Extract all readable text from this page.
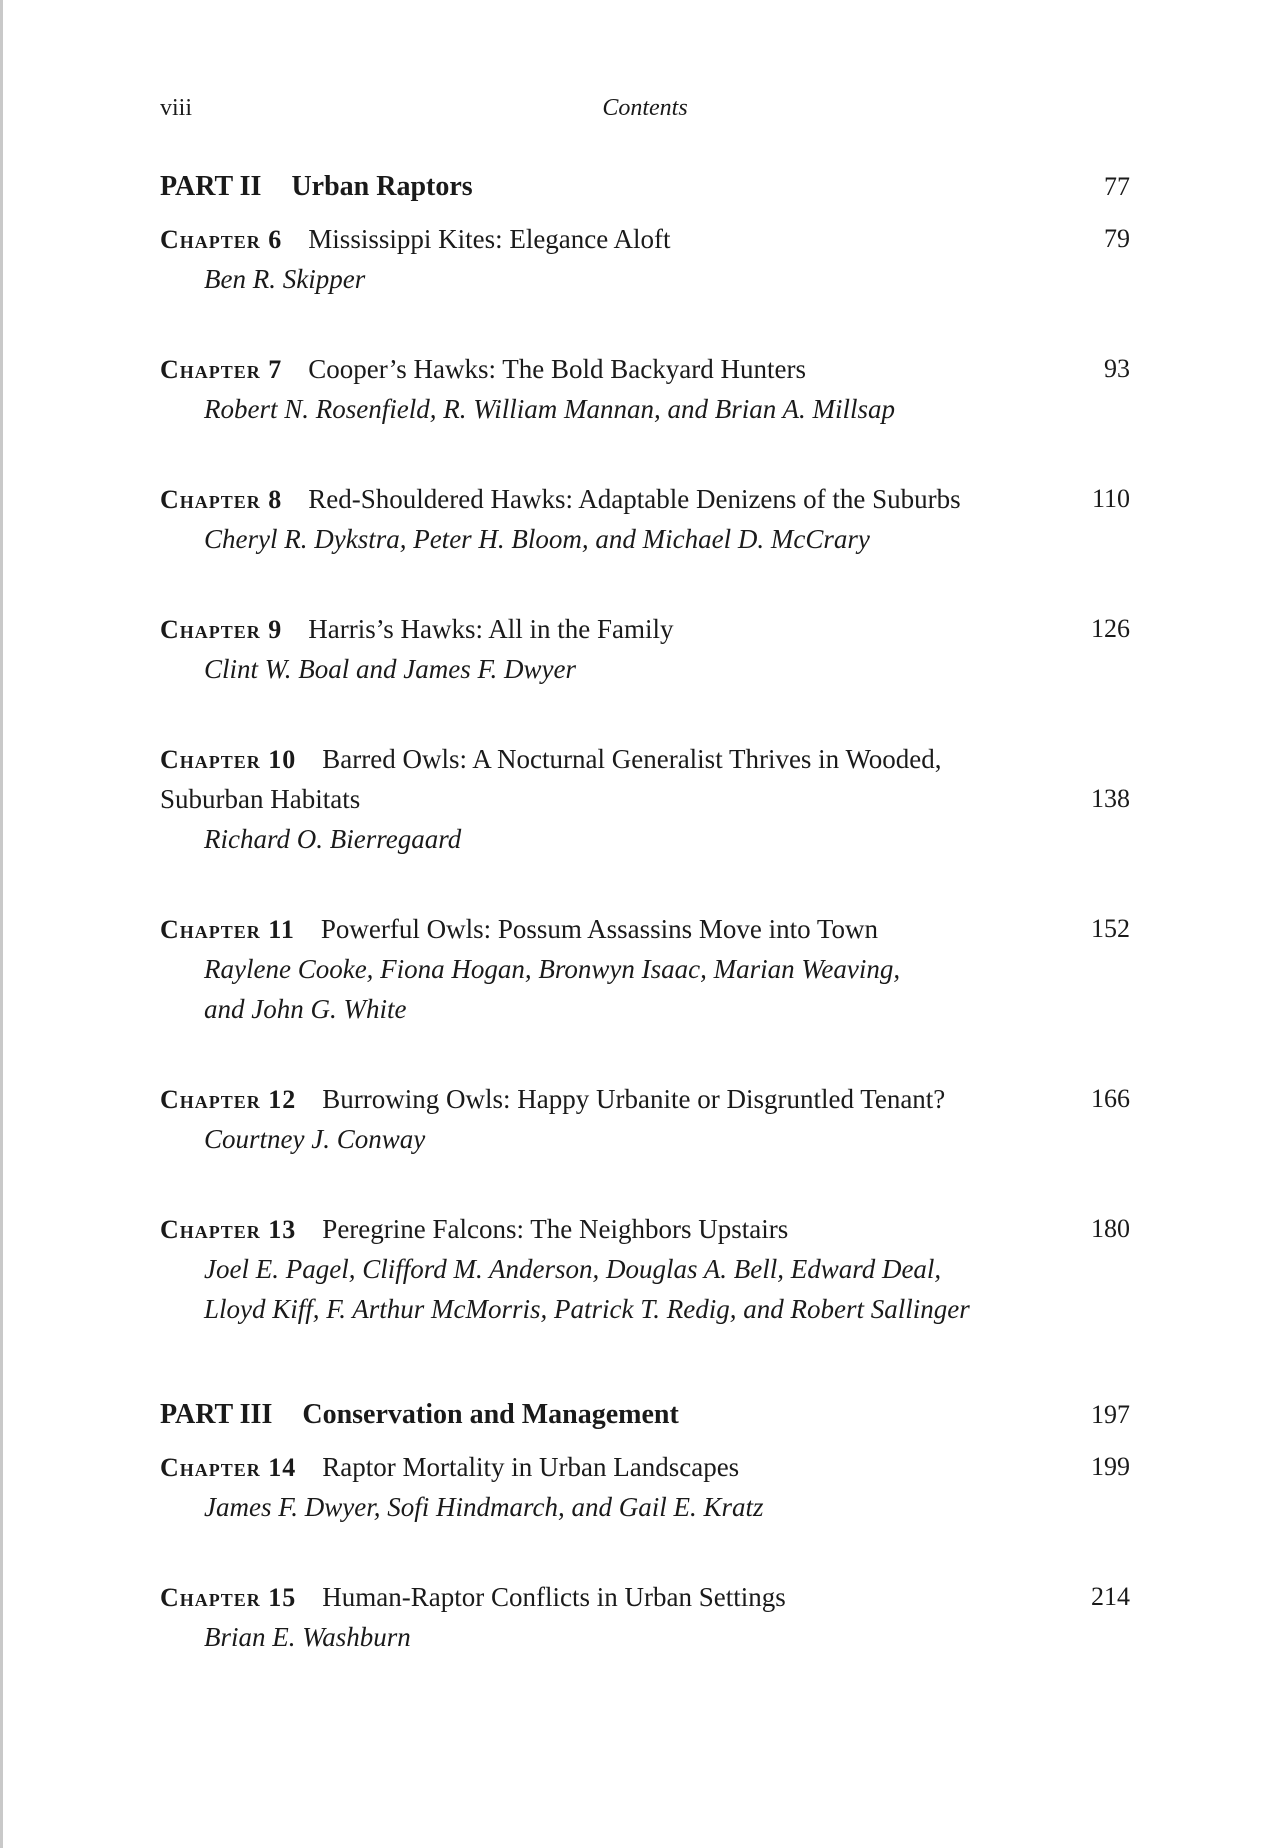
viii	Contents
PART II Urban Raptors	77
Chapter 6 Mississippi Kites: Elegance Aloft	79
Ben R. Skipper
Chapter 7 Cooper’s Hawks: The Bold Backyard Hunters	93
Robert N. Rosenfield, R. William Mannan, and Brian A. Millsap
Chapter 8 Red-Shouldered Hawks: Adaptable Denizens of the Suburbs	110
Cheryl R. Dykstra, Peter H. Bloom, and Michael D. McCrary
Chapter 9 Harris’s Hawks: All in the Family	126
Clint W. Boal and James F. Dwyer
Chapter 10 Barred Owls: A Nocturnal Generalist Thrives in Wooded,
Suburban Habitats	138
Richard O. Bierregaard
Chapter 11 Powerful Owls: Possum Assassins Move into Town	152
Raylene Cooke, Fiona Hogan, Bronwyn Isaac, Marian Weaving,
and John G. White
Chapter 12 Burrowing Owls: Happy Urbanite or Disgruntled Tenant?	166
Courtney J. Conway
Chapter 13 Peregrine Falcons: The Neighbors Upstairs	180
Joel E. Pagel, Clifford M. Anderson, Douglas A. Bell, Edward Deal,
Lloyd Kiff, F. Arthur McMorris, Patrick T. Redig, and Robert Sallinger
PART III Conservation and Management	197
Chapter 14 Raptor Mortality in Urban Landscapes	199
James F. Dwyer, Sofi Hindmarch, and Gail E. Kratz
Chapter 15 Human-Raptor Conflicts in Urban Settings	214
Brian E. Washburn
